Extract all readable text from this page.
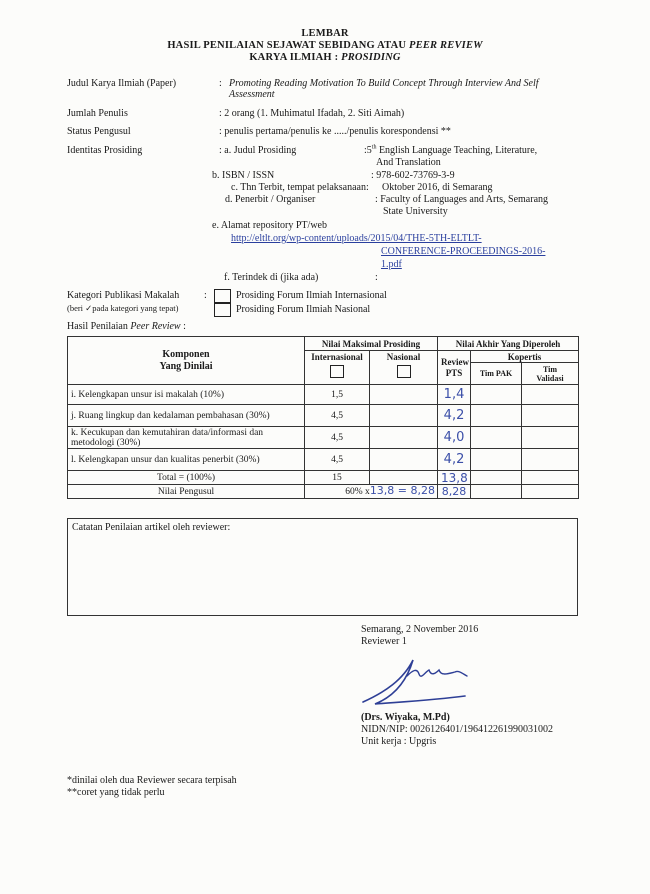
LEMBAR
HASIL PENILAIAN SEJAWAT SEBIDANG ATAU PEER REVIEW
KARYA ILMIAH : PROSIDING
Judul Karya Ilmiah (Paper)	: Promoting Reading Motivation To Build Concept Through Interview And Self
Assessment
Jumlah Penulis	: 2 orang (1. Muhimatul Ifadah, 2. Siti Aimah)
Status Pengusul	: penulis pertama/penulis ke ...../penulis korespondensi **
Identitas Prosiding	: a. Judul Prosiding	:5th English Language Teaching, Literature,
And Translation
b. ISBN / ISSN	: 978-602-73769-3-9
c. Thn Terbit, tempat pelaksanaan: Oktober 2016, di Semarang
d. Penerbit / Organiser	: Faculty of Languages and Arts, Semarang
State University
e. Alamat repository PT/web
http://eltlt.org/wp-content/uploads/2015/04/THE-5TH-ELTLT-
CONFERENCE-PROCEEDINGS-2016-
1.pdf
f. Terindek di (jika ada)	:
Kategori Publikasi Makalah :
(beri ✓pada kategori yang tepat)
Prosiding Forum Ilmiah Internasional
Prosiding Forum Ilmiah Nasional
Hasil Penilaian Peer Review :
Komponen
Yang Dinilai	Nilai Maksimal Prosiding		Nilai Akhir Yang Diperoleh		
	Internasional	Nasional	Review
PTS	Kopertis	
				Tim PAK	Tim
Validasi
i. Kelengkapan unsur isi makalah (10%)	1,5		1,4		
j. Ruang lingkup dan kedalaman pembahasan (30%)	4,5		4,2		
k. Kecukupan dan kemutahiran data/informasi dan metodologi (30%)	4,5		4,0		
l. Kelengkapan unsur dan kualitas penerbit (30%)	4,5		4,2		
Total = (100%)	15		13,8		
Nilai Pengusul	60% x13,8 = 8,28		8,28		
Catatan Penilaian artikel oleh reviewer:
Semarang, 2 November 2016
Reviewer 1
(Drs. Wiyaka, M.Pd)
NIDN/NIP: 0026126401/196412261990031002
Unit kerja : Upgris
*dinilai oleh dua Reviewer secara terpisah
**coret yang tidak perlu
